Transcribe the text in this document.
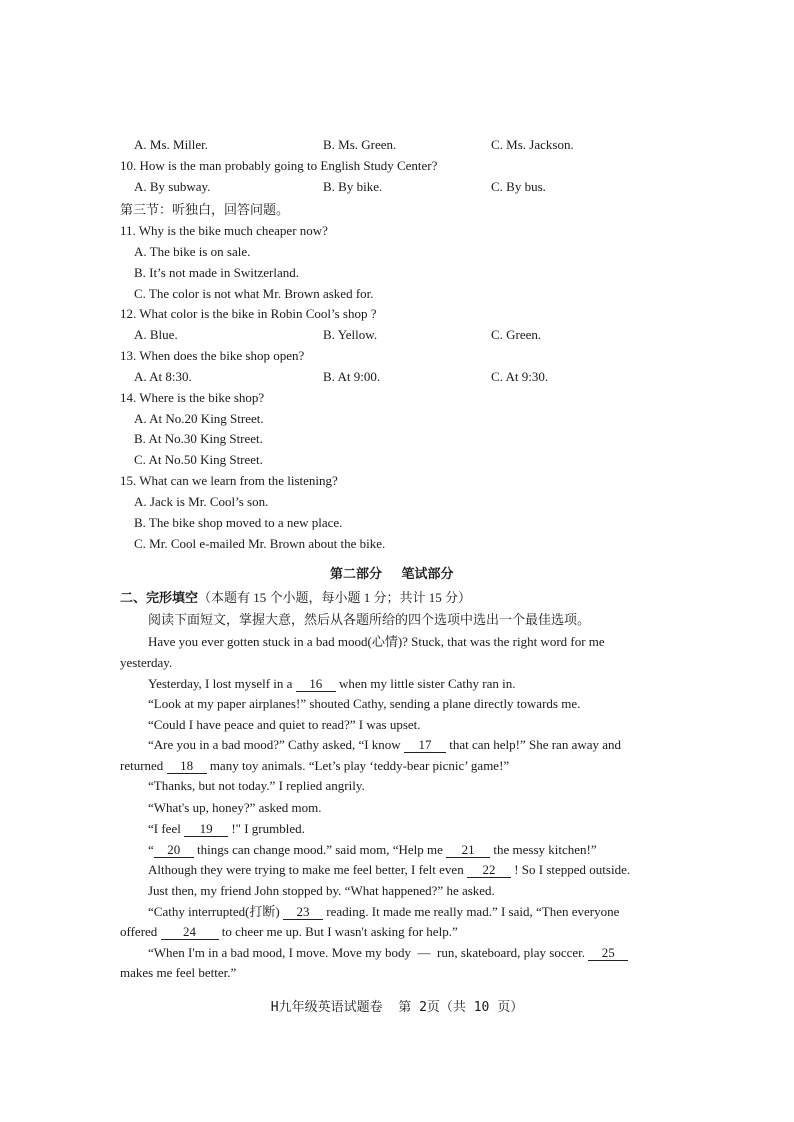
A. Ms. Miller.	B. Ms. Green.	C. Ms. Jackson.
10. How is the man probably going to English Study Center?
A. By subway.	B. By bike.	C. By bus.
第三节：听独白，回答问题。
11. Why is the bike much cheaper now?
A. The bike is on sale.
B. It’s not made in Switzerland.
C. The color is not what Mr. Brown asked for.
12. What color is the bike in Robin Cool’s shop ?
A. Blue.	B. Yellow.	C. Green.
13. When does the bike shop open?
A. At 8:30.	B. At 9:00.	C. At 9:30.
14. Where is the bike shop?
A. At No.20 King Street.
B. At No.30 King Street.
C. At No.50 King Street.
15. What can we learn from the listening?
A. Jack is Mr. Cool’s son.
B. The bike shop moved to a new place.
C. Mr. Cool e-mailed Mr. Brown about the bike.
第二部分      笔试部分
二、完形填空（本题有 15 个小题，每小题 1 分；共计 15 分）
阅读下面短文，掌握大意，然后从各题所给的四个选项中选出一个最佳选项。
Have you ever gotten stuck in a bad mood(心情)? Stuck, that was the right word for me
yesterday.
Yesterday, I lost myself in a 16 when my little sister Cathy ran in.
“Look at my paper airplanes!” shouted Cathy, sending a plane directly towards me.
“Could I have peace and quiet to read?” I was upset.
“Are you in a bad mood?” Cathy asked, “I know 17 that can help!” She ran away and
returned 18 many toy animals. “Let’s play ‘teddy-bear picnic’ game!”
“Thanks, but not today.” I replied angrily.
“What's up, honey?” asked mom.
“I feel 19 !" I grumbled.
“ 20 things can change mood.” said mom, “Help me 21 the messy kitchen!”
Although they were trying to make me feel better, I felt even 22 ! So I stepped outside.
Just then, my friend John stopped by. “What happened?” he asked.
“Cathy interrupted(打断) 23 reading. It made me really mad.” I said, “Then everyone
offered 24 to cheer me up. But I wasn't asking for help.”
“When I'm in a bad mood, I move. Move my body  —  run, skateboard, play soccer. 25
makes me feel better.”
H九年级英语试题卷  第 2页（共 10 页）
